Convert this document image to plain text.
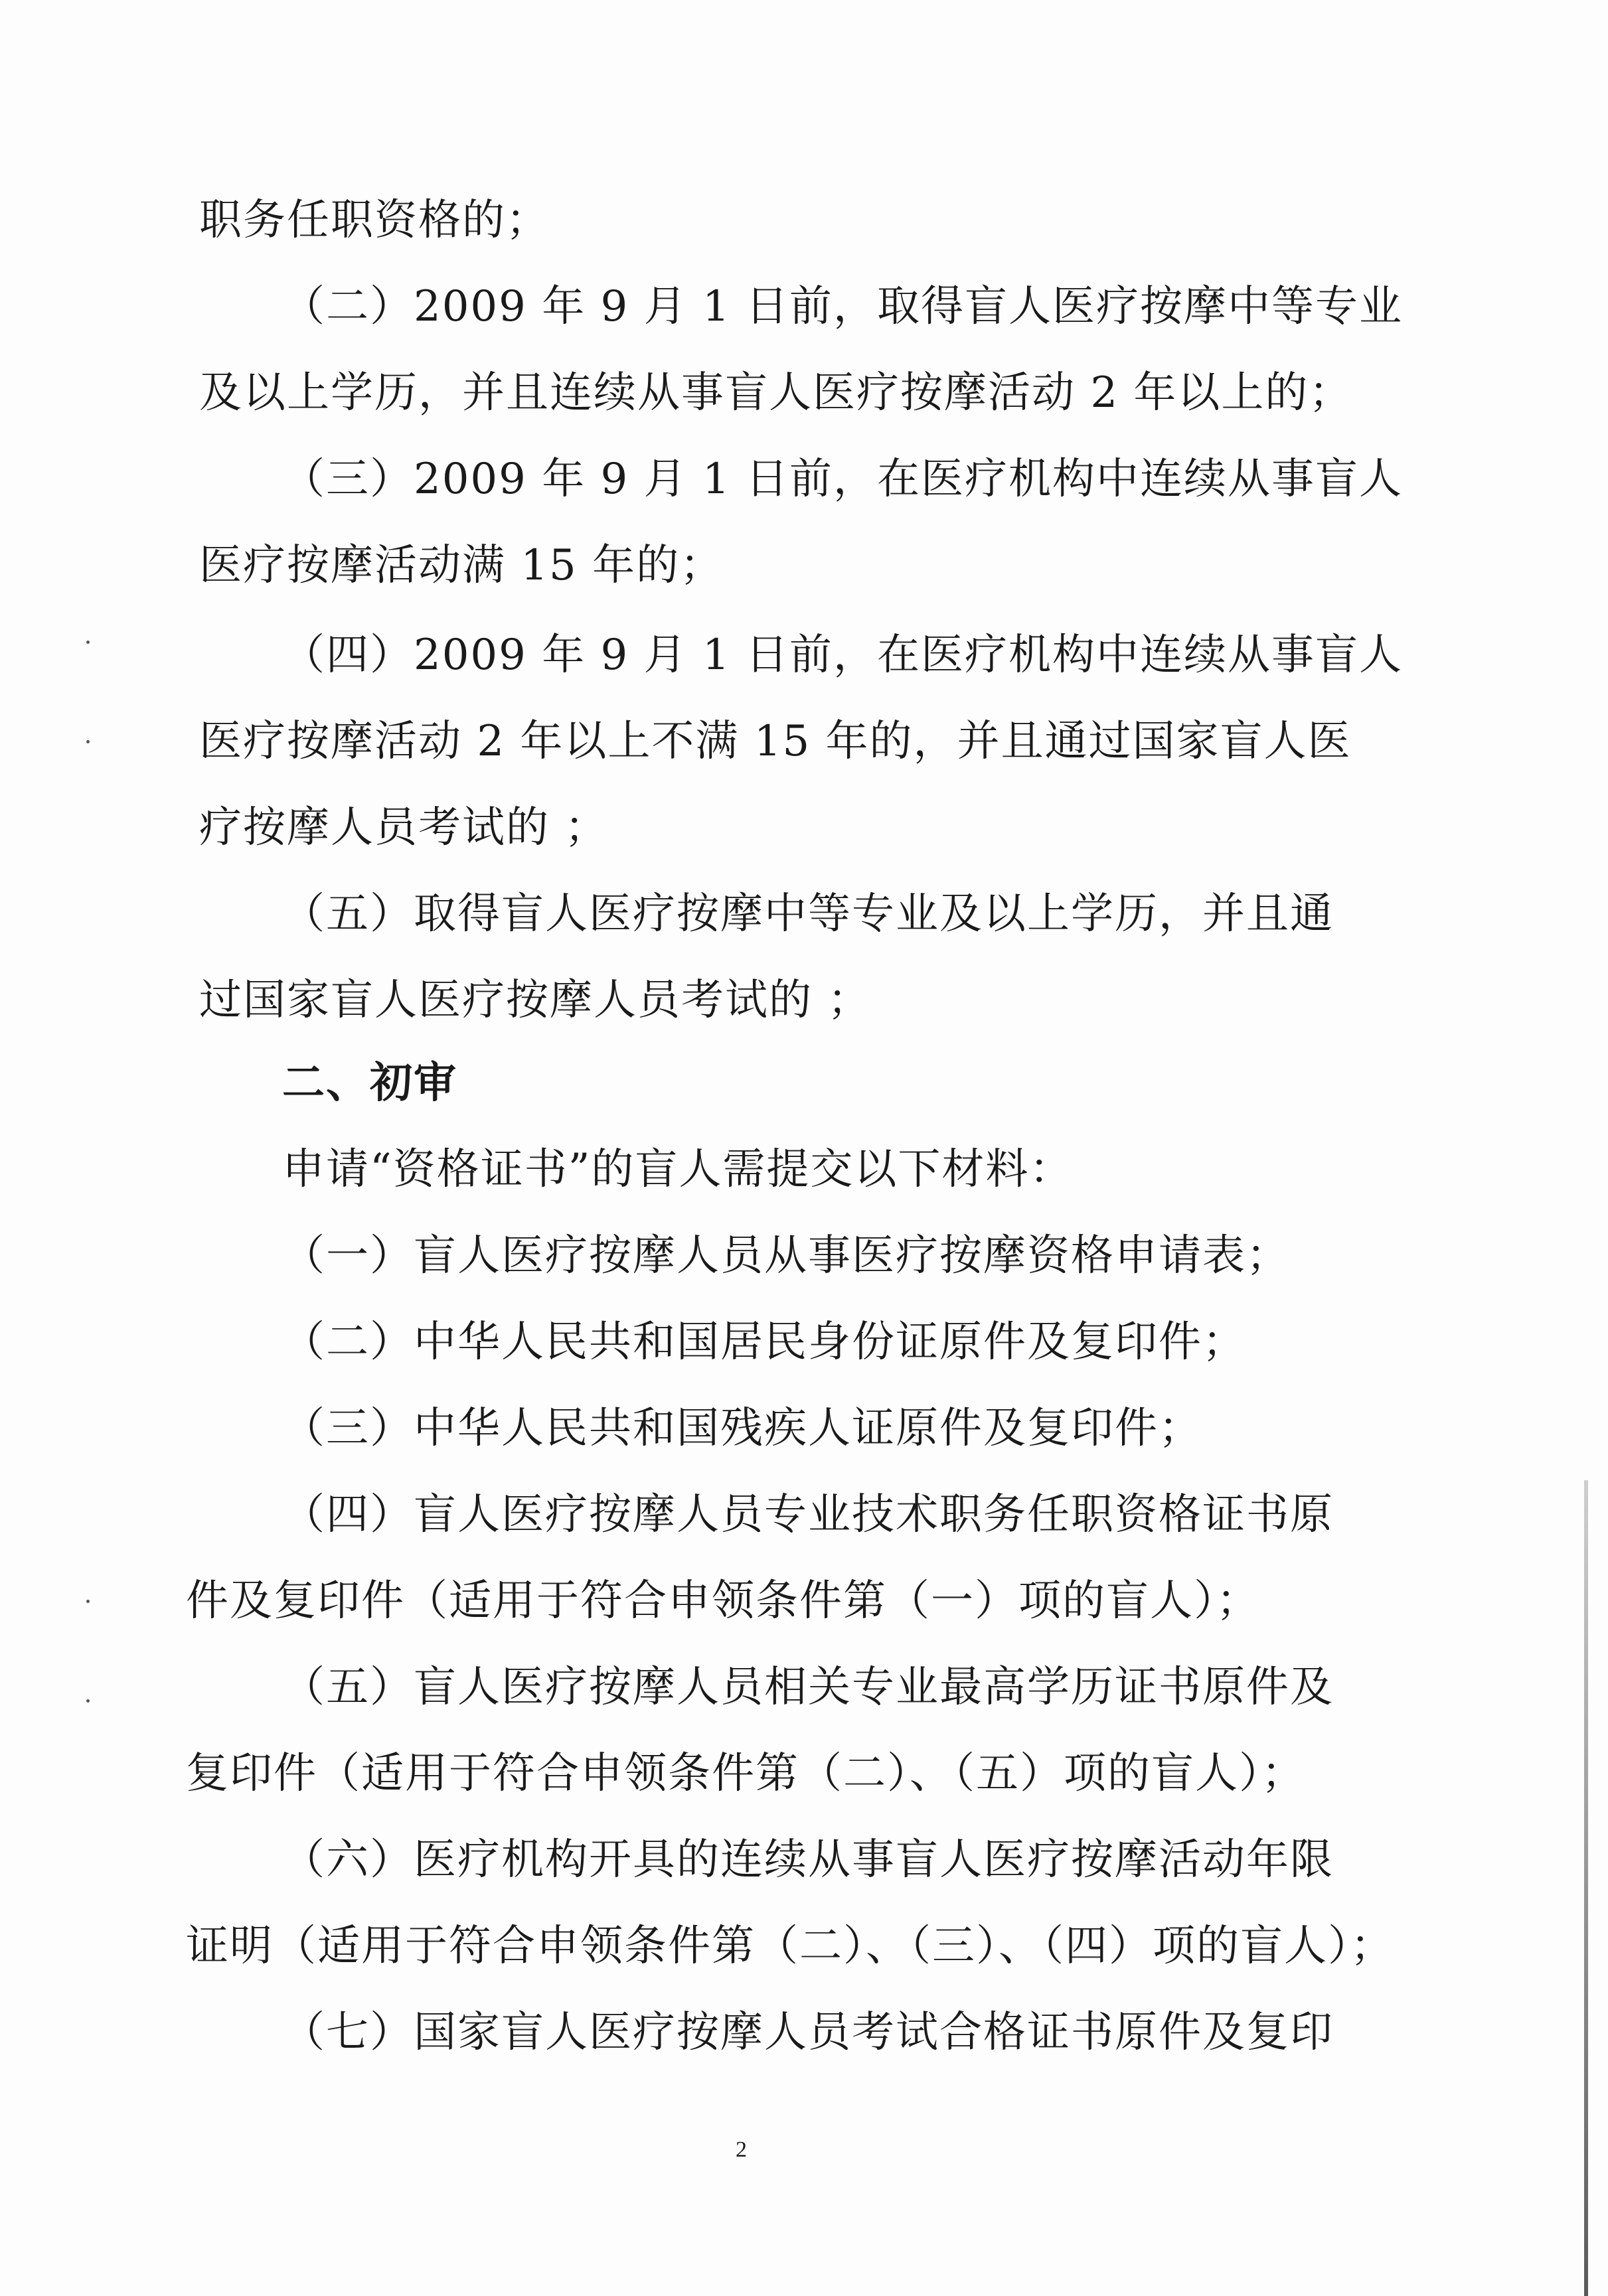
职务任职资格的；
（二）2009 年 9 月 1 日前，取得盲人医疗按摩中等专业
及以上学历，并且连续从事盲人医疗按摩活动 2 年以上的；
（三）2009 年 9 月 1 日前，在医疗机构中连续从事盲人
医疗按摩活动满 15 年的；
（四）2009 年 9 月 1 日前，在医疗机构中连续从事盲人
医疗按摩活动 2 年以上不满 15 年的，并且通过国家盲人医
疗按摩人员考试的 ；
（五）取得盲人医疗按摩中等专业及以上学历，并且通
过国家盲人医疗按摩人员考试的 ；
二、初审
申请“资格证书”的盲人需提交以下材料：
（一）盲人医疗按摩人员从事医疗按摩资格申请表；
（二）中华人民共和国居民身份证原件及复印件；
（三）中华人民共和国残疾人证原件及复印件；
（四）盲人医疗按摩人员专业技术职务任职资格证书原
件及复印件（适用于符合申领条件第（一）项的盲人）；
（五）盲人医疗按摩人员相关专业最高学历证书原件及
复印件（适用于符合申领条件第（二）、（五）项的盲人）；
（六）医疗机构开具的连续从事盲人医疗按摩活动年限
证明（适用于符合申领条件第（二）、（三）、（四）项的盲人）；
（七）国家盲人医疗按摩人员考试合格证书原件及复印
2
